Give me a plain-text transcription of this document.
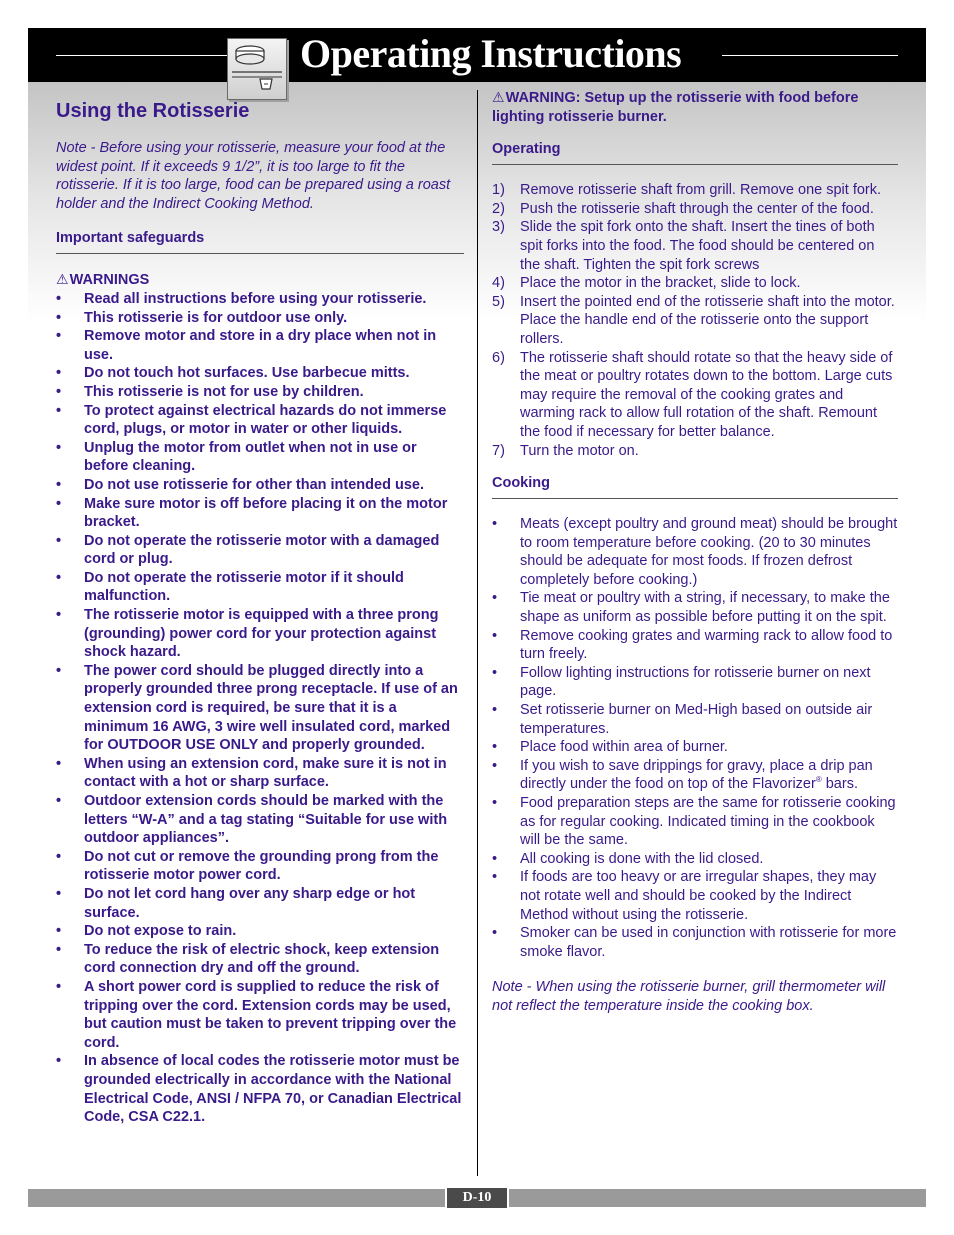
Operating Instructions
Using the Rotisserie
Note - Before using your rotisserie, measure your food at the widest point. If it exceeds 9 1/2”, it is too large to fit the rotisserie. If it is too large, food can be prepared using a roast holder and the Indirect Cooking Method.
Important safeguards
⚠WARNINGS
• Read all instructions before using your rotisserie.
• This rotisserie is for outdoor use only.
• Remove motor and store in a dry place when not in use.
• Do not touch hot surfaces. Use barbecue mitts.
• This rotisserie is not for use by children.
• To protect against electrical hazards do not immerse cord, plugs, or motor in water or other liquids.
• Unplug the motor from outlet when not in use or before cleaning.
• Do not use rotisserie for other than intended use.
• Make sure motor is off before placing it on the motor bracket.
• Do not operate the rotisserie motor with a damaged cord or plug.
• Do not operate the rotisserie motor if it should malfunction.
• The rotisserie motor is equipped with a three prong (grounding) power cord for your protection against shock hazard.
• The power cord should be plugged directly into a properly grounded three prong receptacle. If use of an extension cord is required, be sure that it is a minimum 16 AWG, 3 wire well insulated cord, marked for OUTDOOR USE ONLY and properly grounded.
• When using an extension cord, make sure it is not in contact with a hot or sharp surface.
• Outdoor extension cords should be marked with the letters “W-A” and a tag stating “Suitable for use with outdoor appliances”.
• Do not cut or remove the grounding prong from the rotisserie motor power cord.
• Do not let cord hang over any sharp edge or hot surface.
• Do not expose to rain.
• To reduce the risk of electric shock, keep extension cord connection dry and off the ground.
• A short power cord is supplied to reduce the risk of tripping over the cord. Extension cords may be used, but caution must be taken to prevent tripping over the cord.
• In absence of local codes the rotisserie motor must be grounded electrically in accordance with the National Electrical Code, ANSI / NFPA 70, or Canadian Electrical Code, CSA C22.1.
⚠WARNING: Setup up the rotisserie with food before lighting rotisserie burner.
Operating
1) Remove rotisserie shaft from grill. Remove one spit fork.
2) Push the rotisserie shaft through the center of the food.
3) Slide the spit fork onto the shaft. Insert the tines of both spit forks into the food. The food should be centered on the shaft. Tighten the spit fork screws
4) Place the motor in the bracket, slide to lock.
5) Insert the pointed end of the rotisserie shaft into the motor. Place the handle end of the rotisserie onto the support rollers.
6) The rotisserie shaft should rotate so that the heavy side of the meat or poultry rotates down to the bottom. Large cuts may require the removal of the cooking grates and warming rack to allow full rotation of the shaft. Remount the food if necessary for better balance.
7) Turn the motor on.
Cooking
• Meats (except poultry and ground meat) should be brought to room temperature before cooking. (20 to 30 minutes should be adequate for most foods. If frozen defrost completely before cooking.)
• Tie meat or poultry with a string, if necessary, to make the shape as uniform as possible before putting it on the spit.
• Remove cooking grates and warming rack to allow food to turn freely.
• Follow lighting instructions for rotisserie burner on next page.
• Set rotisserie burner on Med-High based on outside air temperatures.
• Place food within area of burner.
• If you wish to save drippings for gravy, place a drip pan directly under the food on top of the Flavorizer® bars.
• Food preparation steps are the same for rotisserie cooking as for regular cooking. Indicated timing in the cookbook will be the same.
• All cooking is done with the lid closed.
• If foods are too heavy or are irregular shapes, they may not rotate well and should be cooked by the Indirect Method without using the rotisserie.
• Smoker can be used in conjunction with rotisserie for more smoke flavor.
Note - When using the rotisserie burner, grill thermometer will not reflect the temperature inside the cooking box.
D-10
